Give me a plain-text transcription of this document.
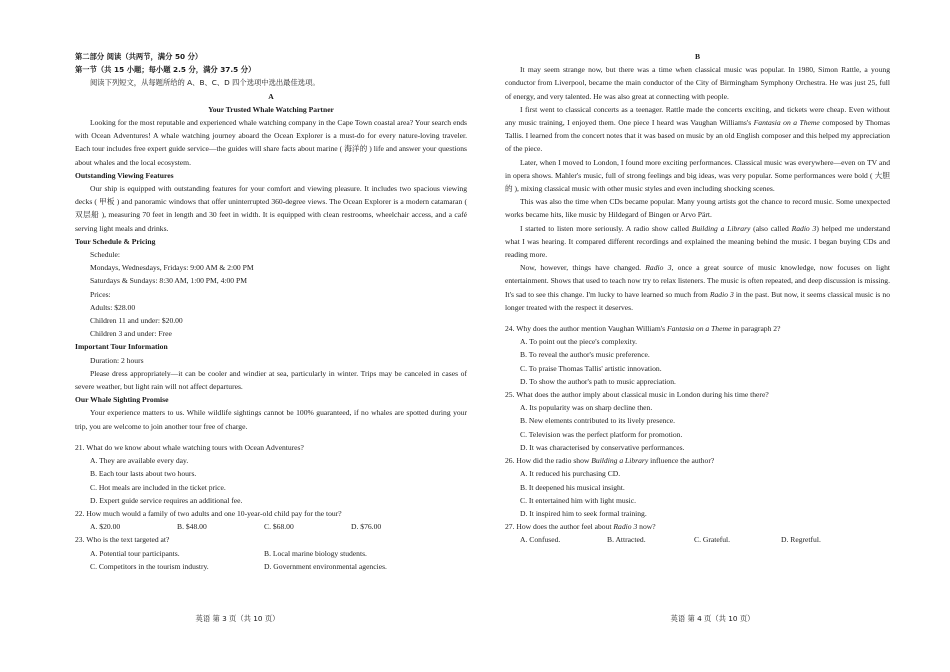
第二部分 阅读（共两节，满分 50 分）

第一节（共 15 小题；每小题 2.5 分，满分 37.5 分）

阅读下列短文，从每题所给的 A、B、C、D 四个选项中选出最佳选项。

A

Your Trusted Whale Watching Partner

Looking for the most reputable and experienced whale watching company in the Cape Town coastal area? Your search ends with Ocean Adventures! A whale watching journey aboard the Ocean Explorer is a must-do for every nature-loving traveler. Each tour includes free expert guide service—the guides will share facts about marine ( 海洋的 ) life and answer your questions about whales and the local ecosystem.

Outstanding Viewing Features

Our ship is equipped with outstanding features for your comfort and viewing pleasure. It includes two spacious viewing decks ( 甲板 ) and panoramic windows that offer uninterrupted 360-degree views. The Ocean Explorer is a modern catamaran ( 双层船 ), measuring 70 feet in length and 30 feet in width. It is equipped with clean restrooms, wheelchair access, and a café serving light meals and drinks.

Tour Schedule & Pricing

Schedule:

Mondays, Wednesdays, Fridays: 9:00 AM & 2:00 PM

Saturdays & Sundays: 8:30 AM, 1:00 PM, 4:00 PM

Prices:

Adults: $28.00

Children 11 and under: $20.00

Children 3 and under: Free

Important Tour Information

Duration: 2 hours

Please dress appropriately—it can be cooler and windier at sea, particularly in winter. Trips may be canceled in cases of severe weather, but light rain will not affect departures.

Our Whale Sighting Promise

Your experience matters to us. While wildlife sightings cannot be 100% guaranteed, if no whales are spotted during your trip, you are welcome to join another tour free of charge.

21. What do we know about whale watching tours with Ocean Adventures?

A. They are available every day.

B. Each tour lasts about two hours.

C. Hot meals are included in the ticket price.

D. Expert guide service requires an additional fee.

22. How much would a family of two adults and one 10-year-old child pay for the tour?

A. $20.00	B. $48.00	C. $68.00	D. $76.00

23. Who is the text targeted at?

A. Potential tour participants.	B. Local marine biology students.
C. Competitors in the tourism industry.	D. Government environmental agencies.
英语 第 3 页（共 10 页）

B

It may seem strange now, but there was a time when classical music was popular. In 1980, Simon Rattle, a young conductor from Liverpool, became the main conductor of the City of Birmingham Symphony Orchestra. He was just 25, full of energy, and very talented. He was also great at connecting with people.

I first went to classical concerts as a teenager. Rattle made the concerts exciting, and tickets were cheap. Even without any music training, I enjoyed them. One piece I heard was Vaughan Williams's Fantasia on a Theme composed by Thomas Tallis. I learned from the concert notes that it was based on music by an old English composer and this helped my appreciation of the piece.

Later, when I moved to London, I found more exciting performances. Classical music was everywhere—even on TV and in opera shows. Mahler's music, full of strong feelings and big ideas, was very popular. Some performances were bold ( 大胆的 ), mixing classical music with other music styles and even including shocking scenes.

This was also the time when CDs became popular. Many young artists got the chance to record music. Some unexpected works became hits, like music by Hildegard of Bingen or Arvo Pärt.

I started to listen more seriously. A radio show called Building a Library (also called Radio 3) helped me understand what I was hearing. It compared different recordings and explained the meaning behind the music. I began buying CDs and reading more.

Now, however, things have changed. Radio 3, once a great source of music knowledge, now focuses on light entertainment. Shows that used to teach now try to relax listeners. The music is often repeated, and deep discussion is missing. It's sad to see this change. I'm lucky to have learned so much from Radio 3 in the past. But now, it seems classical music is no longer treated with the respect it deserves.

24. Why does the author mention Vaughan William's Fantasia on a Theme in paragraph 2?

A. To point out the piece's complexity.

B. To reveal the author's music preference.

C. To praise Thomas Tallis' artistic innovation.

D. To show the author's path to music appreciation.

25. What does the author imply about classical music in London during his time there?

A. Its popularity was on sharp decline then.

B. New elements contributed to its lively presence.

C. Television was the perfect platform for promotion.

D. It was characterised by conservative performances.

26. How did the radio show Building a Library influence the author?

A. It reduced his purchasing CD.

B. It deepened his musical insight.

C. It entertained him with light music.

D. It inspired him to seek formal training.

27. How does the author feel about Radio 3 now?

A. Confused.	B. Attracted.	C. Grateful.	D. Regretful.
英语 第 4 页（共 10 页）
